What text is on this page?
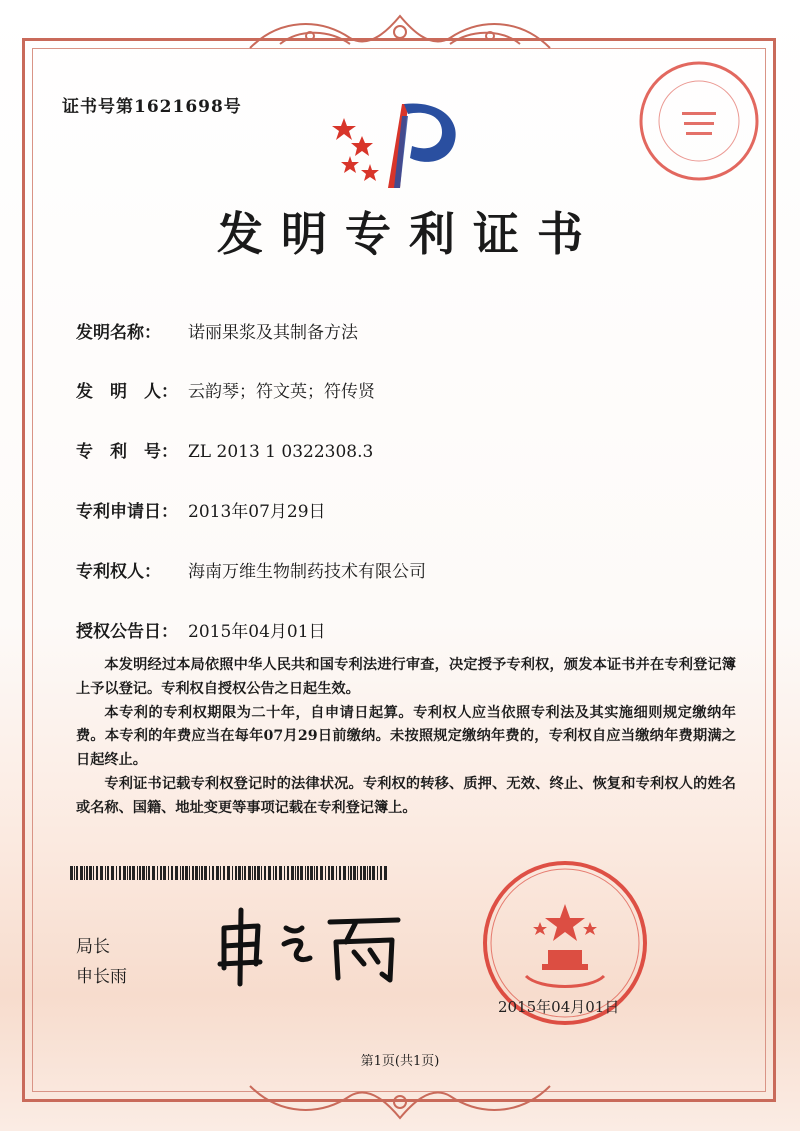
证书号第1621698号
发明专利证书
发明名称： 诺丽果浆及其制备方法
发　明　人： 云韵琴；符文英；符传贤
专　利　号： ZL 2013 1 0322308.3
专利申请日： 2013年07月29日
专利权人： 海南万维生物制药技术有限公司
授权公告日： 2015年04月01日

本发明经过本局依照中华人民共和国专利法进行审查，决定授予专利权，颁发本证书并在专利登记簿上予以登记。专利权自授权公告之日起生效。

本专利的专利权期限为二十年，自申请日起算。专利权人应当依照专利法及其实施细则规定缴纳年费。本专利的年费应当在每年07月29日前缴纳。未按照规定缴纳年费的，专利权自应当缴纳年费期满之日起终止。

专利证书记载专利权登记时的法律状况。专利权的转移、质押、无效、终止、恢复和专利权人的姓名或名称、国籍、地址变更等事项记载在专利登记簿上。

局长
申长雨
2015年04月01日
第1页(共1页)
